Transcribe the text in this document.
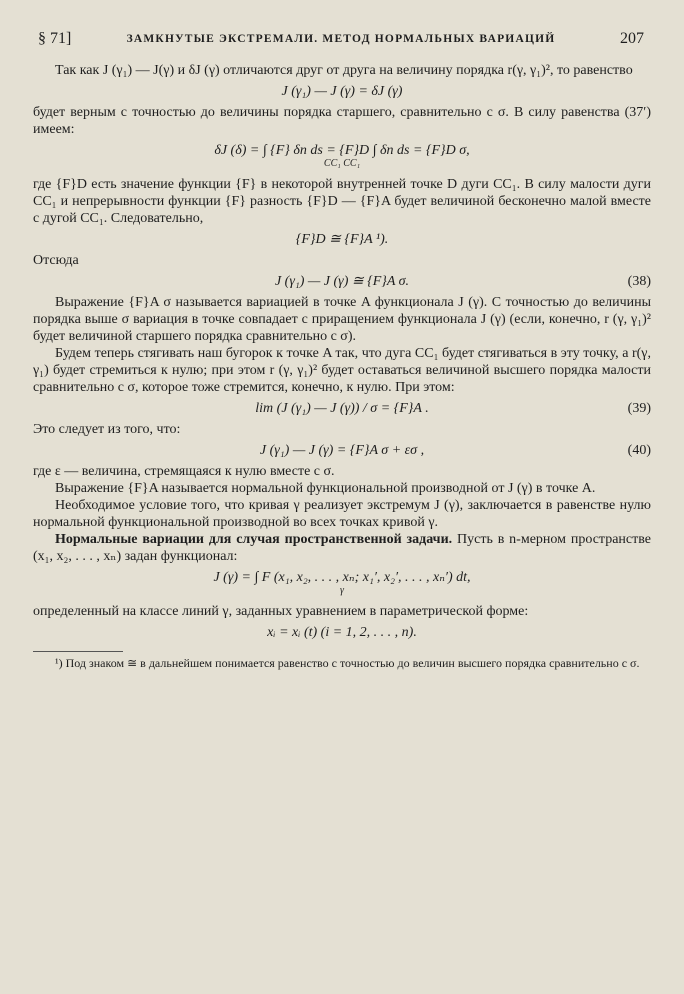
§ 71]	ЗАМКНУТЫЕ ЭКСТРЕМАЛИ. МЕТОД НОРМАЛЬНЫХ ВАРИАЦИЙ	207

Так как J (γ₁) — J(γ) и δJ (γ) отличаются друг от друга на величину порядка r(γ, γ₁)², то равенство

J (γ₁) — J (γ) = δJ (γ)

будет верным с точностью до величины порядка старшего, сравнительно с σ. В силу равенства (37′) имеем:

δJ (δ) = ∫ {F} δn ds = {F}D ∫ δn ds = {F}D σ,
CC₁ CC₁

где {F}D есть значение функции {F} в некоторой внутренней точке D дуги CC₁. В силу малости дуги CC₁ и непрерывности функции {F} разность {F}D — {F}A будет величиной бесконечно малой вместе с дугой CC₁. Следовательно,

{F}D ≅ {F}A ¹).

Отсюда

J (γ₁) — J (γ) ≅ {F}A σ.	(38)

Выражение {F}A σ называется вариацией в точке A функционала J (γ). С точностью до величины порядка выше σ вариация в точке совпадает с приращением функционала J (γ) (если, конечно, r (γ, γ₁)² будет величиной старшего порядка сравнительно с σ).

Будем теперь стягивать наш бугорок к точке A так, что дуга CC₁ будет стягиваться в эту точку, а r(γ, γ₁) будет стремиться к нулю; при этом r (γ, γ₁)² будет оставаться величиной высшего порядка малости сравнительно с σ, которое тоже стремится, конечно, к нулю. При этом:

lim (J (γ₁) — J (γ)) / σ = {F}A .	(39)

Это следует из того, что:

J (γ₁) — J (γ) = {F}A σ + εσ ,	(40)

где ε — величина, стремящаяся к нулю вместе с σ.

Выражение {F}A называется нормальной функциональной производной от J (γ) в точке A.

Необходимое условие того, что кривая γ реализует экстремум J (γ), заключается в равенстве нулю нормальной функциональной производной во всех точках кривой γ.

Нормальные вариации для случая пространственной задачи. Пусть в n-мерном пространстве (x₁, x₂, . . . , xₙ) задан функционал:

J (γ) = ∫ F (x₁, x₂, . . . , xₙ; x₁′, x₂′, . . . , xₙ′) dt,
γ

определенный на классе линий γ, заданных уравнением в параметрической форме:

xᵢ = xᵢ (t) (i = 1, 2, . . . , n).

¹) Под знаком ≅ в дальнейшем понимается равенство с точностью до величин высшего порядка сравнительно с σ.
